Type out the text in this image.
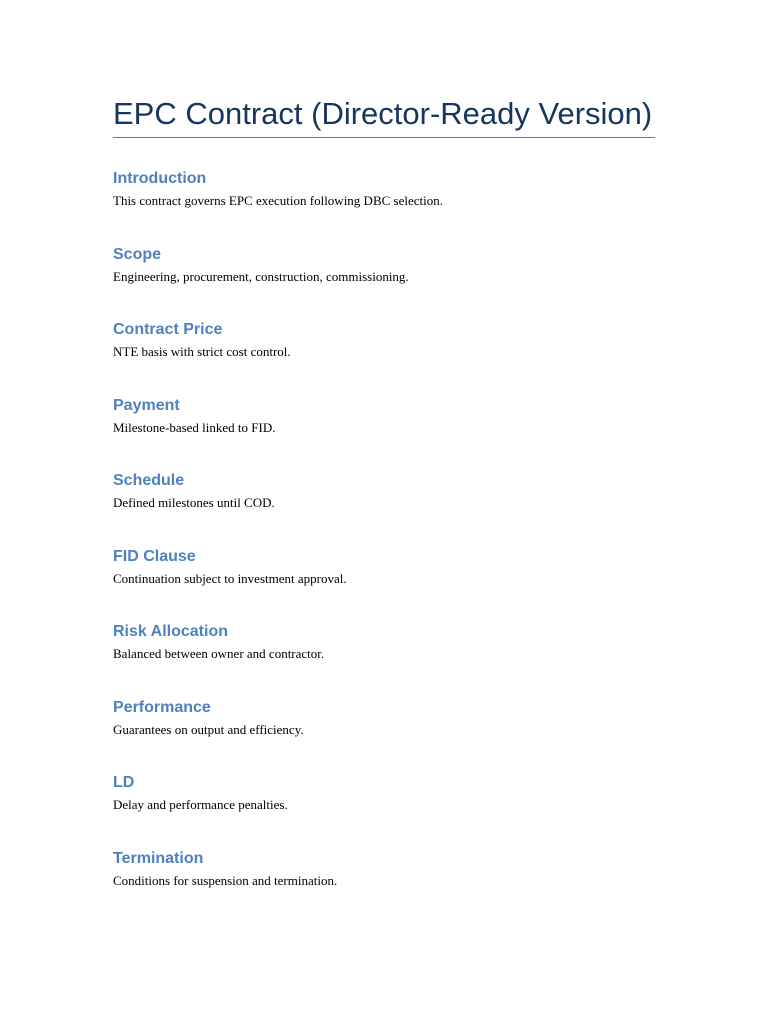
EPC Contract (Director-Ready Version)
Introduction

This contract governs EPC execution following DBC selection.

Scope

Engineering, procurement, construction, commissioning.

Contract Price

NTE basis with strict cost control.

Payment

Milestone-based linked to FID.

Schedule

Defined milestones until COD.

FID Clause

Continuation subject to investment approval.

Risk Allocation

Balanced between owner and contractor.

Performance

Guarantees on output and efficiency.

LD

Delay and performance penalties.

Termination

Conditions for suspension and termination.
